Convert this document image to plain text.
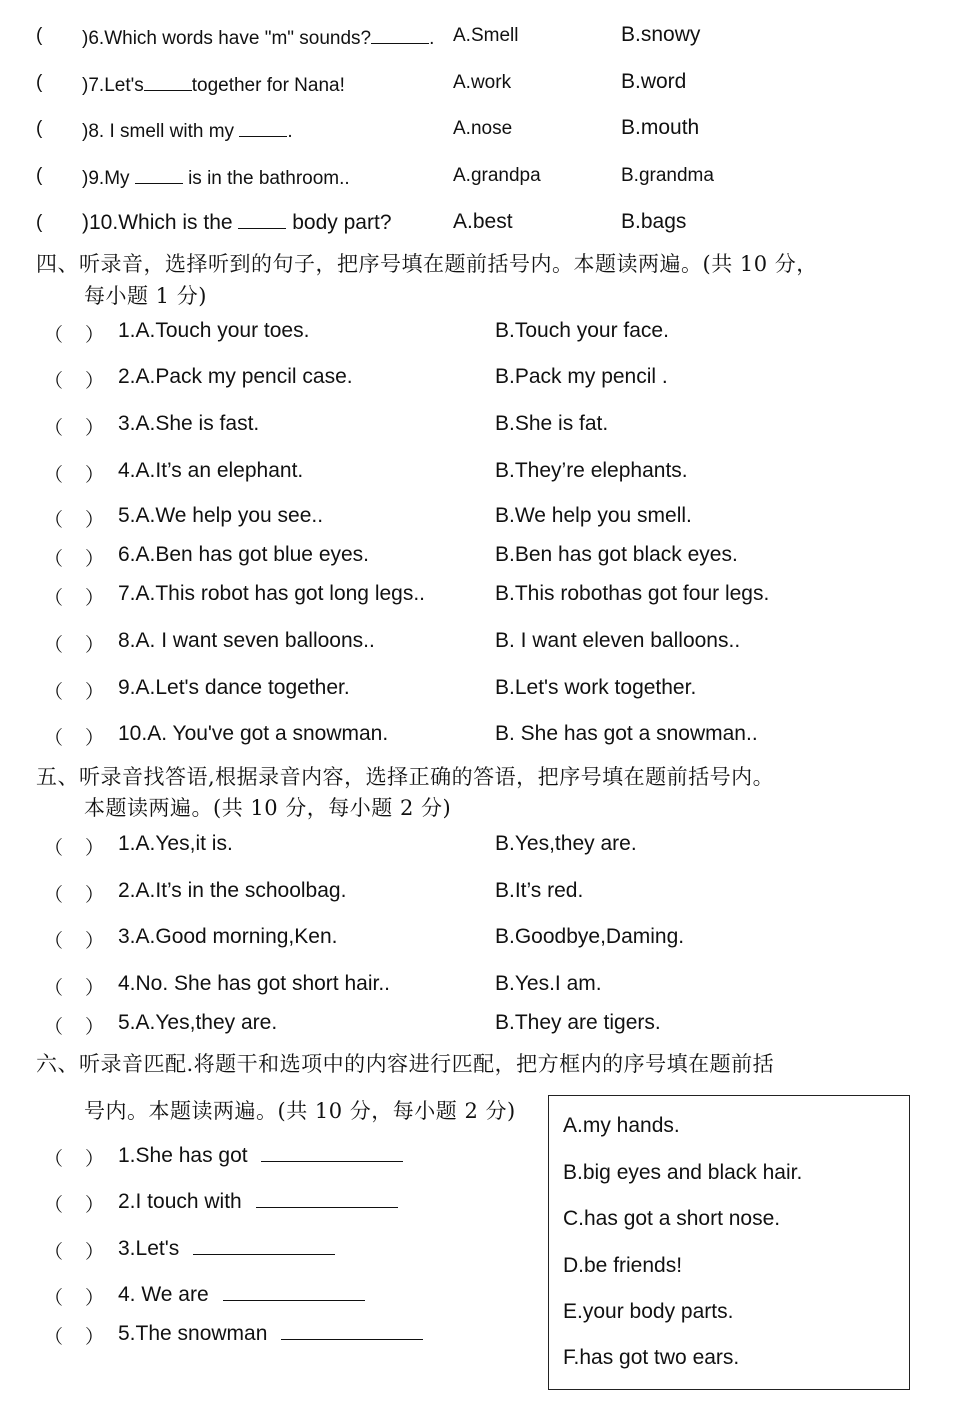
( )6.Which words have "m" sounds?	. A.Smell	B.snowy
( )7.Let's	together for Nana!	A.work	B.word
( )8. I smell with my	.	A.nose	B.mouth
( )9.My	is in the bathroom..	A.grandpa	B.grandma
( )10.Which is the  body part?	A.best	B.bags
四、听录音，选择听到的句子，把序号填在题前括号内。本题读两遍。(共 10 分，
每小题 1 分)
（ ） 1.A.Touch your toes.	B.Touch your face.
（ ） 2.A.Pack my pencil case.	B.Pack my pencil .
（ ） 3.A.She is fast.	B.She is fat.
（ ） 4.A.It’s an elephant.	B.They’re elephants.
（ ） 5.A.We help you see..	B.We help you smell.
（ ） 6.A.Ben has got blue eyes.	B.Ben has got black eyes.
（ ） 7.A.This robot has got long legs..	B.This robothas got four legs.
（ ） 8.A. I want seven balloons..	B. I want eleven balloons..
（ ） 9.A.Let's dance together.	B.Let's work together.
（ ） 10.A. You've got a snowman.	B. She has got a snowman..
五、听录音找答语,根据录音内容，选择正确的答语，把序号填在题前括号内。
本题读两遍。(共 10 分，每小题 2 分)
（ ） 1.A.Yes,it is.	B.Yes,they are.
（ ） 2.A.It’s in the schoolbag.	B.It’s red.
（ ） 3.A.Good morning,Ken.	B.Goodbye,Daming.
（ ） 4.No. She has got short hair..	B.Yes.I am.
（ ） 5.A.Yes,they are.	B.They are tigers.
六、听录音匹配.将题干和选项中的内容进行匹配，把方框内的序号填在题前括
号内。本题读两遍。(共 10 分，每小题 2 分)
（ ） 1.She has got
（ ） 2.I touch with
（ ） 3.Let's
（ ） 4. We are
（ ） 5.The snowman
A.my hands.
B.big eyes and black hair.
C.has got a short nose.
D.be friends!
E.your body parts.
F.has got two ears.
